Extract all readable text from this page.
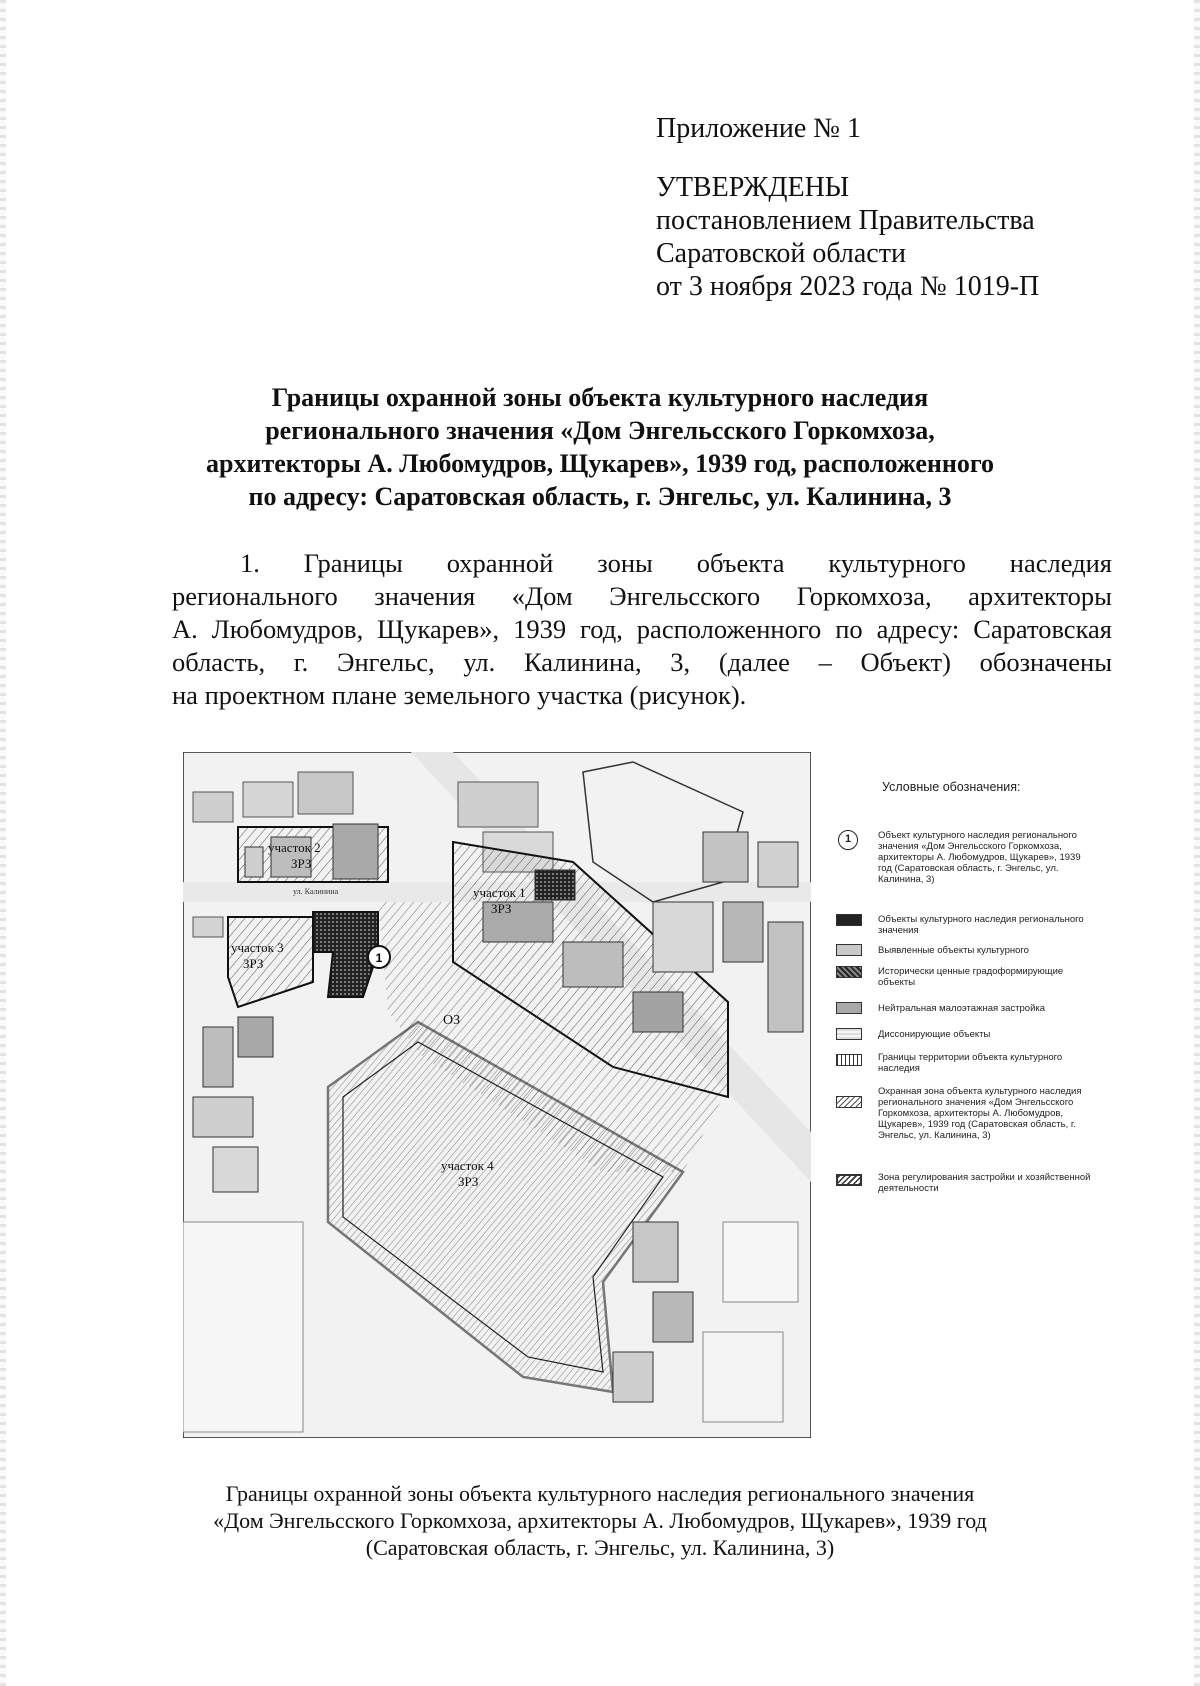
Приложение № 1
УТВЕРЖДЕНЫ
постановлением Правительства
Саратовской области
от 3 ноября 2023 года № 1019-П
Границы охранной зоны объекта культурного наследия
регионального значения «Дом Энгельсского Горкомхоза,
архитекторы А. Любомудров, Щукарев», 1939 год, расположенного
по адресу: Саратовская область, г. Энгельс, ул. Калинина, 3
1. Границы охранной зоны объекта культурного наследия
регионального значения «Дом Энгельсского Горкомхоза, архитекторы
А. Любомудров, Щукарев», 1939 год, расположенного по адресу: Саратовская
область, г. Энгельс, ул. Калинина, 3, (далее – Объект) обозначены
на проектном плане земельного участка (рисунок).
участок 2
ЗРЗ
участок 1
ЗРЗ
участок 3
ЗРЗ
ОЗ
участок 4
ЗРЗ
ул. Калинина
1
Условные обозначения:
1	Объект культурного наследия регионального значения «Дом Энгельсского Горкомхоза, архитекторы А. Любомудров, Щукарев», 1939 год (Саратовская область, г. Энгельс, ул. Калинина, 3)
Объекты культурного наследия регионального значения
Выявленные объекты культурного
Исторически ценные градоформирующие объекты
Нейтральная малоэтажная застройка
Диссонирующие объекты
Границы территории объекта культурного наследия
Охранная зона объекта культурного наследия регионального значения «Дом Энгельсского Горкомхоза, архитекторы А. Любомудров, Щукарев», 1939 год (Саратовская область, г. Энгельс, ул. Калинина, 3)
Зона регулирования застройки и хозяйственной деятельности
Границы охранной зоны объекта культурного наследия регионального значения
«Дом Энгельсского Горкомхоза, архитекторы А. Любомудров, Щукарев», 1939 год
(Саратовская область, г. Энгельс, ул. Калинина, 3)
